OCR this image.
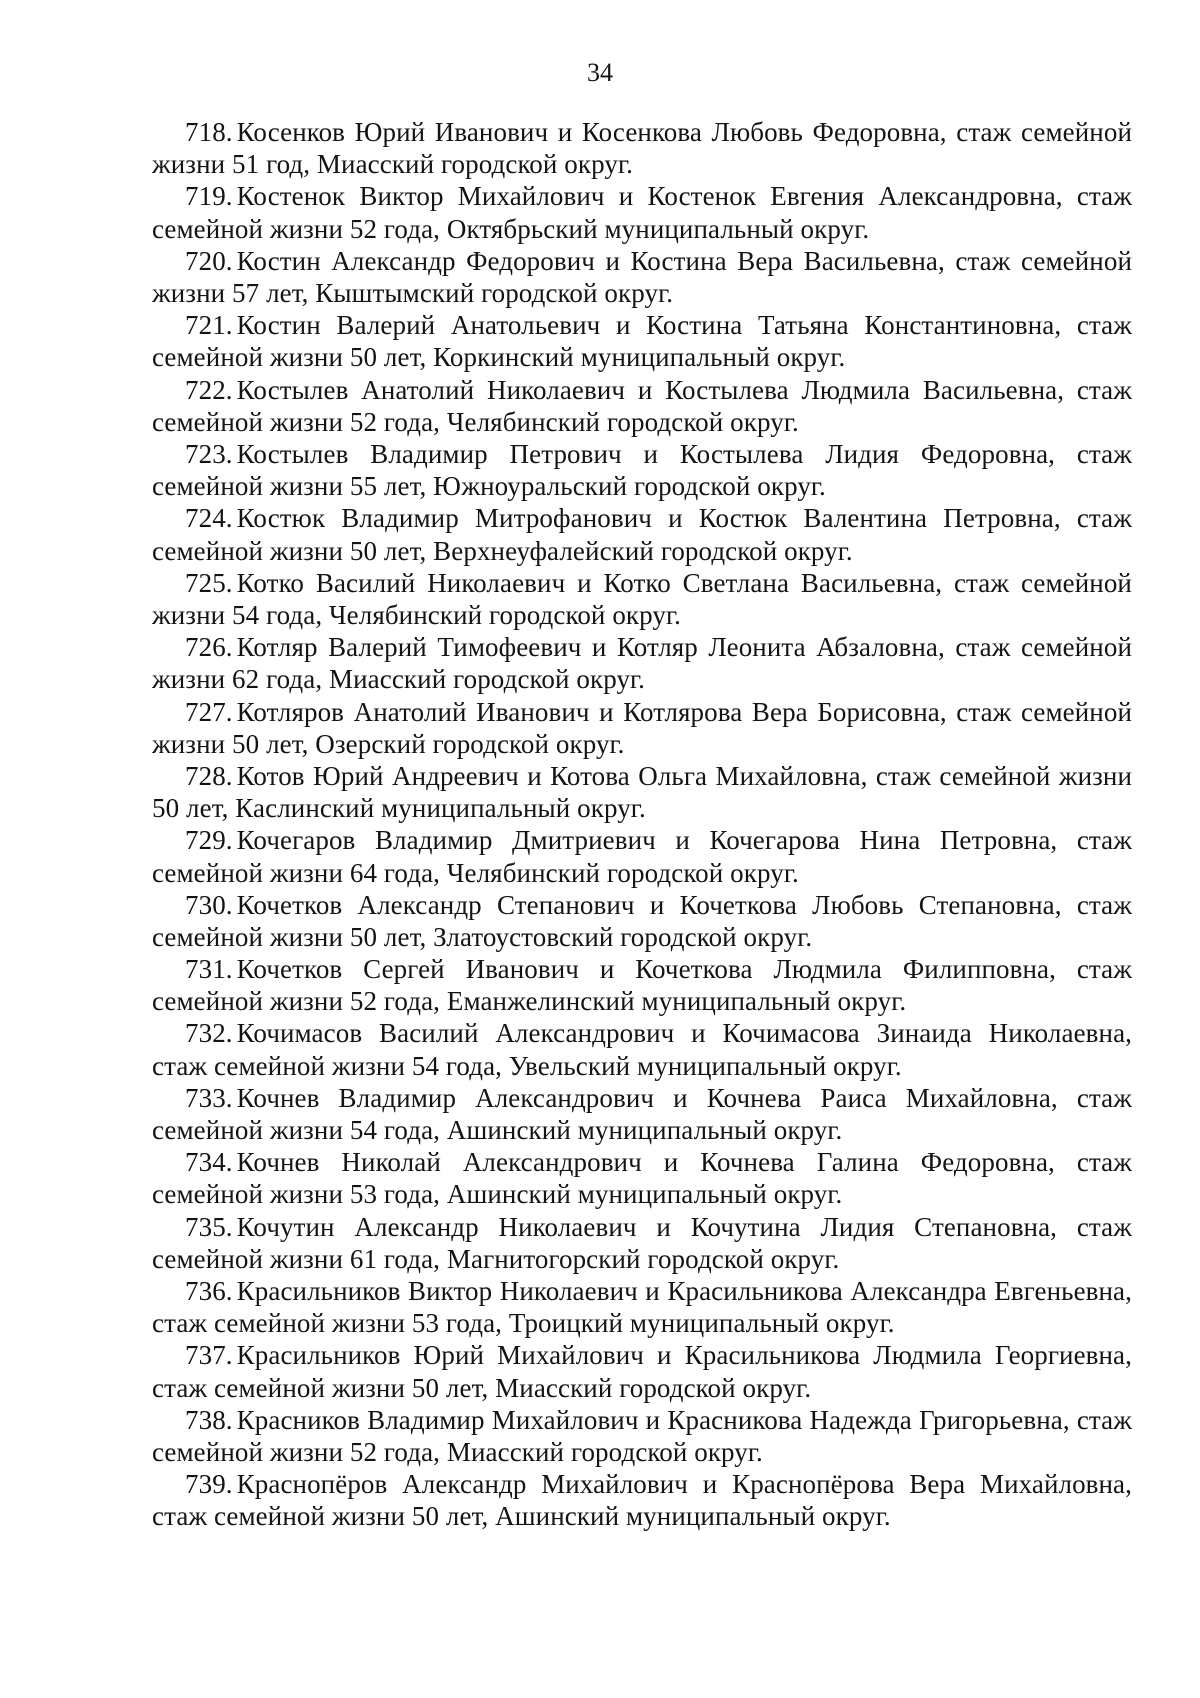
34

718. Косенков Юрий Иванович и Косенкова Любовь Федоровна, стаж семейной жизни 51 год, Миасский городской округ.

719. Костенок Виктор Михайлович и Костенок Евгения Александровна, стаж семейной жизни 52 года, Октябрьский муниципальный округ.

720. Костин Александр Федорович и Костина Вера Васильевна, стаж семейной жизни 57 лет, Кыштымский городской округ.

721. Костин Валерий Анатольевич и Костина Татьяна Константиновна, стаж семейной жизни 50 лет, Коркинский муниципальный округ.

722. Костылев Анатолий Николаевич и Костылева Людмила Васильевна, стаж семейной жизни 52 года, Челябинский городской округ.

723. Костылев Владимир Петрович и Костылева Лидия Федоровна, стаж семейной жизни 55 лет, Южноуральский городской округ.

724. Костюк Владимир Митрофанович и Костюк Валентина Петровна, стаж семейной жизни 50 лет, Верхнеуфалейский городской округ.

725. Котко Василий Николаевич и Котко Светлана Васильевна, стаж семейной жизни 54 года, Челябинский городской округ.

726. Котляр Валерий Тимофеевич и Котляр Леонита Абзаловна, стаж семейной жизни 62 года, Миасский городской округ.

727. Котляров Анатолий Иванович и Котлярова Вера Борисовна, стаж семейной жизни 50 лет, Озерский городской округ.

728. Котов Юрий Андреевич и Котова Ольга Михайловна, стаж семейной жизни 50 лет, Каслинский муниципальный округ.

729. Кочегаров Владимир Дмитриевич и Кочегарова Нина Петровна, стаж семейной жизни 64 года, Челябинский городской округ.

730. Кочетков Александр Степанович и Кочеткова Любовь Степановна, стаж семейной жизни 50 лет, Златоустовский городской округ.

731. Кочетков Сергей Иванович и Кочеткова Людмила Филипповна, стаж семейной жизни 52 года, Еманжелинский муниципальный округ.

732. Кочимасов Василий Александрович и Кочимасова Зинаида Николаевна, стаж семейной жизни 54 года, Увельский муниципальный округ.

733. Кочнев Владимир Александрович и Кочнева Раиса Михайловна, стаж семейной жизни 54 года, Ашинский муниципальный округ.

734. Кочнев Николай Александрович и Кочнева Галина Федоровна, стаж семейной жизни 53 года, Ашинский муниципальный округ.

735. Кочутин Александр Николаевич и Кочутина Лидия Степановна, стаж семейной жизни 61 года, Магнитогорский городской округ.

736. Красильников Виктор Николаевич и Красильникова Александра Евгеньевна, стаж семейной жизни 53 года, Троицкий муниципальный округ.

737. Красильников Юрий Михайлович и Красильникова Людмила Георгиевна, стаж семейной жизни 50 лет, Миасский городской округ.

738. Красников Владимир Михайлович и Красникова Надежда Григорьевна, стаж семейной жизни 52 года, Миасский городской округ.

739. Краснопёров Александр Михайлович и Краснопёрова Вера Михайловна, стаж семейной жизни 50 лет, Ашинский муниципальный округ.
